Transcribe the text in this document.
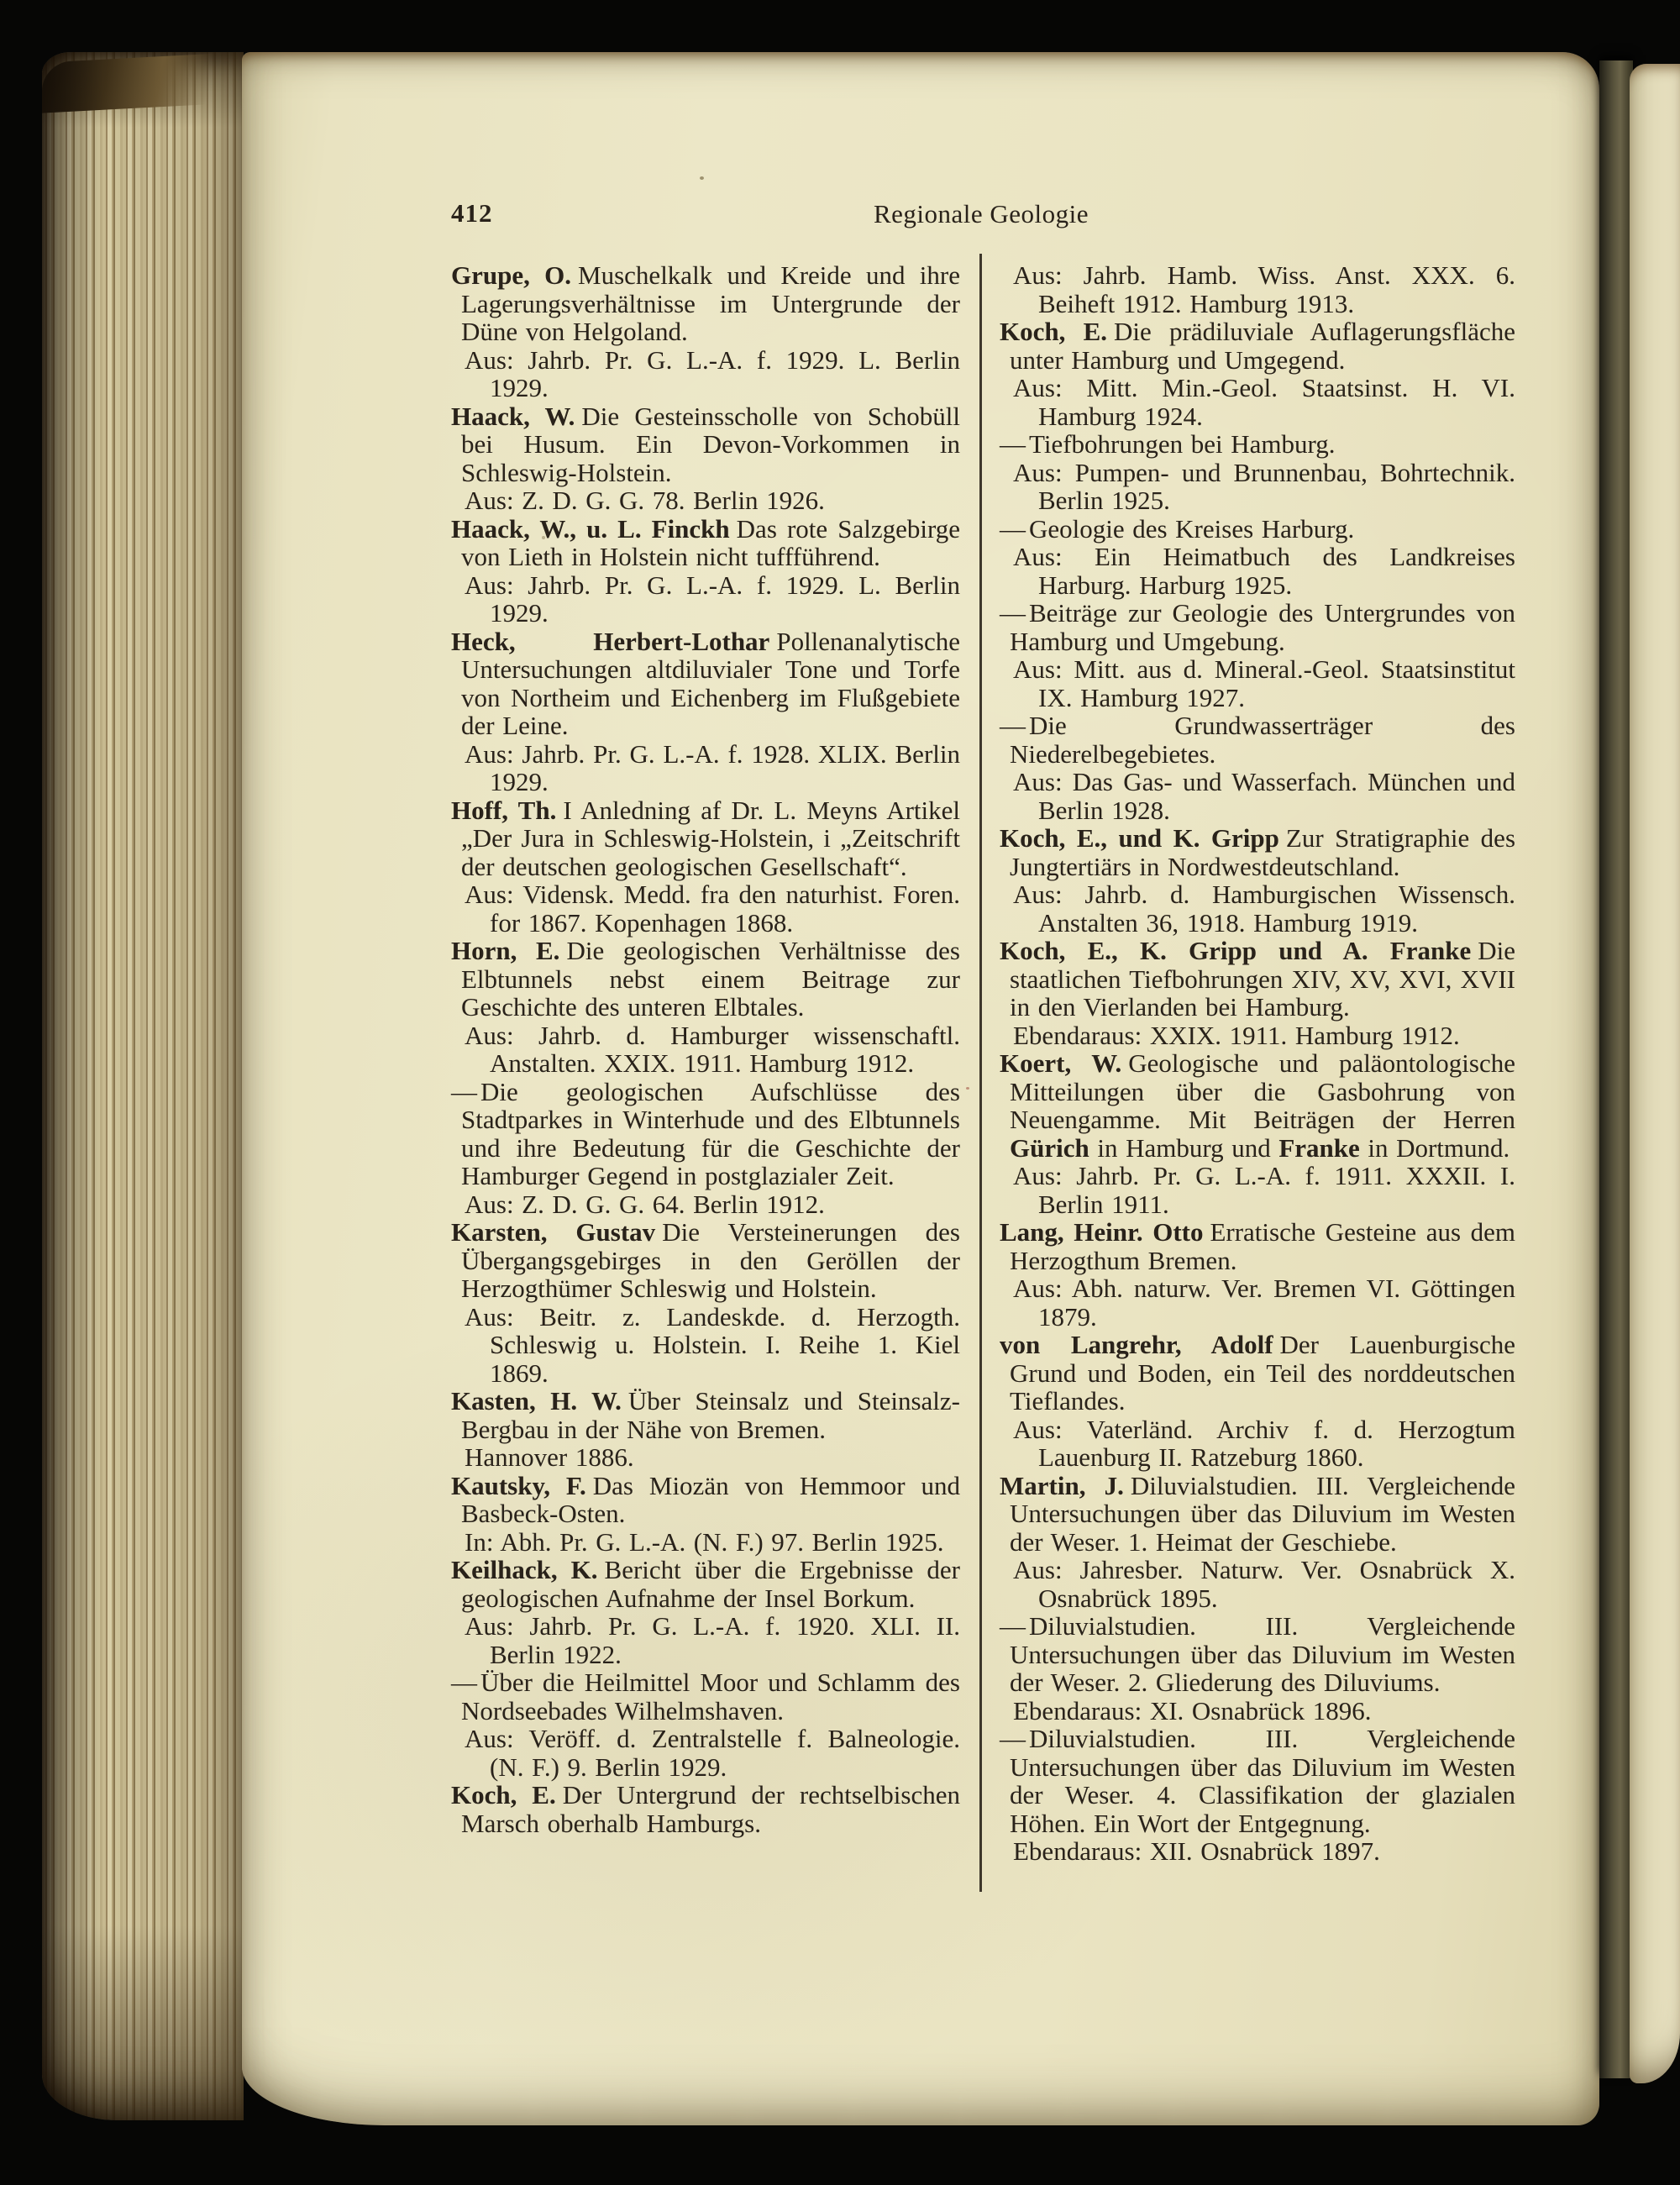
412	Regionale Geologie

Grupe, O. Muschelkalk und Kreide und ihre Lagerungsverhältnisse im Untergrunde der Düne von Helgoland.
Aus: Jahrb. Pr. G. L.-A. f. 1929. L. Berlin 1929.

Haack, W. Die Gesteinsscholle von Schobüll bei Husum. Ein Devon-Vorkommen in Schleswig-Holstein.
Aus: Z. D. G. G. 78. Berlin 1926.

Haack, W., u. L. Finckh Das rote Salzgebirge von Lieth in Holstein nicht tuffführend.
Aus: Jahrb. Pr. G. L.-A. f. 1929. L. Berlin 1929.

Heck, Herbert-Lothar Pollenanalytische Untersuchungen altdiluvialer Tone und Torfe von Northeim und Eichenberg im Flußgebiete der Leine.
Aus: Jahrb. Pr. G. L.-A. f. 1928. XLIX. Berlin 1929.

Hoff, Th. I Anledning af Dr. L. Meyns Artikel „Der Jura in Schleswig-Holstein, i „Zeitschrift der deutschen geologischen Gesellschaft“.
Aus: Vidensk. Medd. fra den naturhist. Foren. for 1867. Kopenhagen 1868.

Horn, E. Die geologischen Verhältnisse des Elbtunnels nebst einem Beitrage zur Geschichte des unteren Elbtales.
Aus: Jahrb. d. Hamburger wissenschaftl. Anstalten. XXIX. 1911. Hamburg 1912.

— Die geologischen Aufschlüsse des Stadtparkes in Winterhude und des Elbtunnels und ihre Bedeutung für die Geschichte der Hamburger Gegend in postglazialer Zeit.
Aus: Z. D. G. G. 64. Berlin 1912.

Karsten, Gustav Die Versteinerungen des Übergangsgebirges in den Geröllen der Herzogthümer Schleswig und Holstein.
Aus: Beitr. z. Landeskde. d. Herzogth. Schleswig u. Holstein. I. Reihe 1. Kiel 1869.

Kasten, H. W. Über Steinsalz und Steinsalz-Bergbau in der Nähe von Bremen.
Hannover 1886.

Kautsky, F. Das Miozän von Hemmoor und Basbeck-Osten.
In: Abh. Pr. G. L.-A. (N. F.) 97. Berlin 1925.

Keilhack, K. Bericht über die Ergebnisse der geologischen Aufnahme der Insel Borkum.
Aus: Jahrb. Pr. G. L.-A. f. 1920. XLI. II. Berlin 1922.

— Über die Heilmittel Moor und Schlamm des Nordseebades Wilhelmshaven.
Aus: Veröff. d. Zentralstelle f. Balneologie. (N. F.) 9. Berlin 1929.

Koch, E. Der Untergrund der rechtselbischen Marsch oberhalb Hamburgs.

Aus: Jahrb. Hamb. Wiss. Anst. XXX. 6. Beiheft 1912. Hamburg 1913.

Koch, E. Die prädiluviale Auflagerungsfläche unter Hamburg und Umgegend.
Aus: Mitt. Min.-Geol. Staatsinst. H. VI. Hamburg 1924.

— Tiefbohrungen bei Hamburg.
Aus: Pumpen- und Brunnenbau, Bohrtechnik. Berlin 1925.

— Geologie des Kreises Harburg.
Aus: Ein Heimatbuch des Landkreises Harburg. Harburg 1925.

— Beiträge zur Geologie des Untergrundes von Hamburg und Umgebung.
Aus: Mitt. aus d. Mineral.-Geol. Staatsinstitut IX. Hamburg 1927.

— Die Grundwasserträger des Niederelbegebietes.
Aus: Das Gas- und Wasserfach. München und Berlin 1928.

Koch, E., und K. Gripp Zur Stratigraphie des Jungtertiärs in Nordwestdeutschland.
Aus: Jahrb. d. Hamburgischen Wissensch. Anstalten 36, 1918. Hamburg 1919.

Koch, E., K. Gripp und A. Franke Die staatlichen Tiefbohrungen XIV, XV, XVI, XVII in den Vierlanden bei Hamburg.
Ebendaraus: XXIX. 1911. Hamburg 1912.

Koert, W. Geologische und paläontologische Mitteilungen über die Gasbohrung von Neuengamme. Mit Beiträgen der Herren Gürich in Hamburg und Franke in Dortmund.
Aus: Jahrb. Pr. G. L.-A. f. 1911. XXXII. I. Berlin 1911.

Lang, Heinr. Otto Erratische Gesteine aus dem Herzogthum Bremen.
Aus: Abh. naturw. Ver. Bremen VI. Göttingen 1879.

von Langrehr, Adolf Der Lauenburgische Grund und Boden, ein Teil des norddeutschen Tieflandes.
Aus: Vaterländ. Archiv f. d. Herzogtum Lauenburg II. Ratzeburg 1860.

Martin, J. Diluvialstudien. III. Vergleichende Untersuchungen über das Diluvium im Westen der Weser. 1. Heimat der Geschiebe.
Aus: Jahresber. Naturw. Ver. Osnabrück X. Osnabrück 1895.

— Diluvialstudien. III. Vergleichende Untersuchungen über das Diluvium im Westen der Weser. 2. Gliederung des Diluviums.
Ebendaraus: XI. Osnabrück 1896.

— Diluvialstudien. III. Vergleichende Untersuchungen über das Diluvium im Westen der Weser. 4. Classifikation der glazialen Höhen. Ein Wort der Entgegnung.
Ebendaraus: XII. Osnabrück 1897.
